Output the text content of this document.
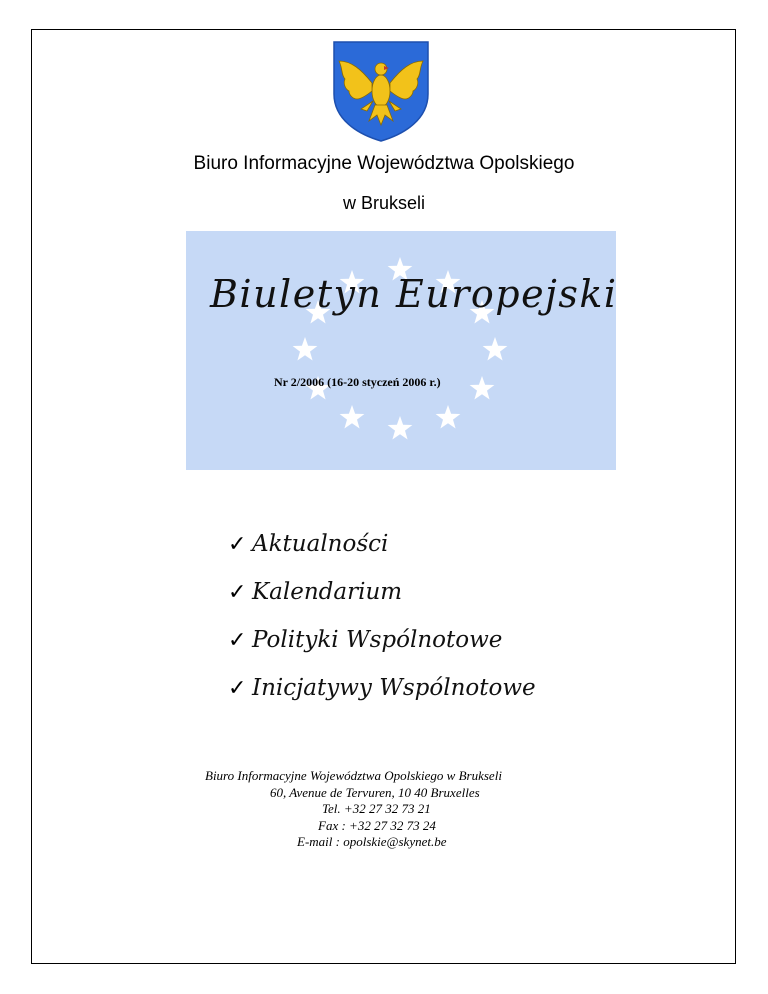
Biuro Informacyjne Województwa Opolskiego
w Brukseli
Biuletyn Europejski
Nr 2/2006 (16-20 styczeń 2006 r.)
✓ Aktualności
✓ Kalendarium
✓ Polityki Wspólnotowe
✓ Inicjatywy Wspólnotowe
Biuro Informacyjne Województwa Opolskiego w Brukseli
60, Avenue de Tervuren, 10 40 Bruxelles
Tel. +32 27 32 73 21
Fax : +32 27 32 73 24
E-mail : opolskie@skynet.be
